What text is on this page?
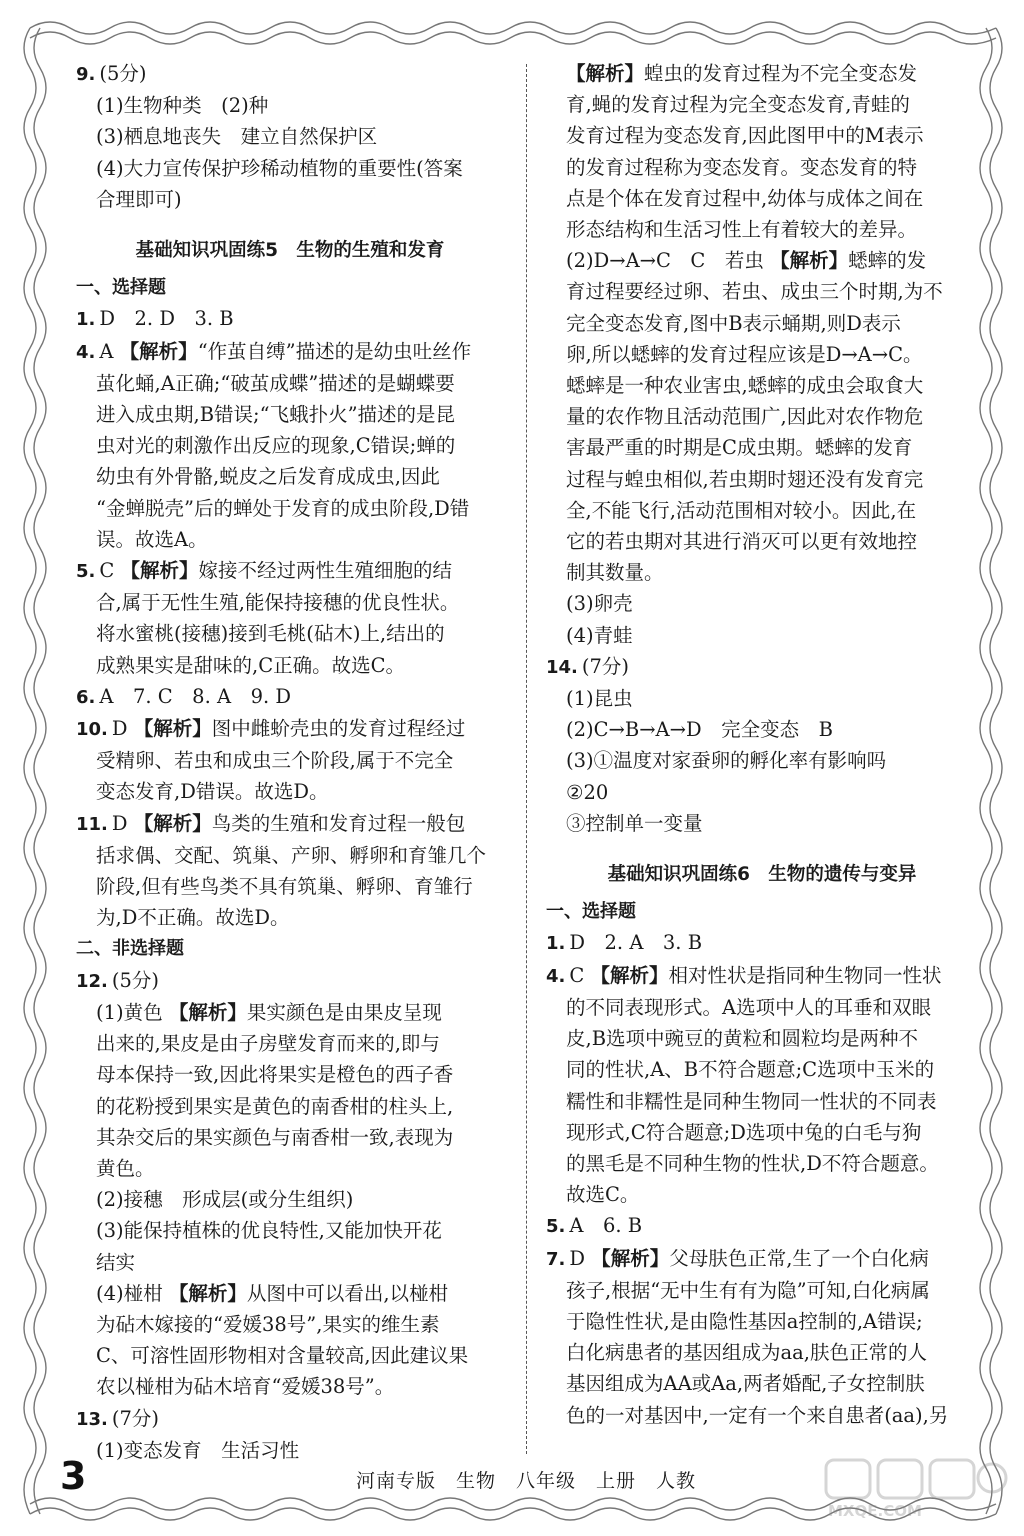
9. (5分)
(1)生物种类　(2)种
(3)栖息地丧失　建立自然保护区
(4)大力宣传保护珍稀动植物的重要性(答案
合理即可)
基础知识巩固练5　生物的生殖和发育
一、选择题
1. D　2. D　3. B
4. A 【解析】“作茧自缚”描述的是幼虫吐丝作
茧化蛹,A正确;“破茧成蝶”描述的是蝴蝶要
进入成虫期,B错误;“飞蛾扑火”描述的是昆
虫对光的刺激作出反应的现象,C错误;蝉的
幼虫有外骨骼,蜕皮之后发育成成虫,因此
“金蝉脱壳”后的蝉处于发育的成虫阶段,D错
误。故选A。
5. C 【解析】嫁接不经过两性生殖细胞的结
合,属于无性生殖,能保持接穗的优良性状。
将水蜜桃(接穗)接到毛桃(砧木)上,结出的
成熟果实是甜味的,C正确。故选C。
6. A　7. C　8. A　9. D
10. D 【解析】图中雌蚧壳虫的发育过程经过
受精卵、若虫和成虫三个阶段,属于不完全
变态发育,D错误。故选D。
11. D 【解析】鸟类的生殖和发育过程一般包
括求偶、交配、筑巢、产卵、孵卵和育雏几个
阶段,但有些鸟类不具有筑巢、孵卵、育雏行
为,D不正确。故选D。
二、非选择题
12. (5分)
(1)黄色 【解析】果实颜色是由果皮呈现
出来的,果皮是由子房壁发育而来的,即与
母本保持一致,因此将果实是橙色的西子香
的花粉授到果实是黄色的南香柑的柱头上,
其杂交后的果实颜色与南香柑一致,表现为
黄色。
(2)接穗　形成层(或分生组织)
(3)能保持植株的优良特性,又能加快开花
结实
(4)椪柑 【解析】从图中可以看出,以椪柑
为砧木嫁接的“爱媛38号”,果实的维生素
C、可溶性固形物相对含量较高,因此建议果
农以椪柑为砧木培育“爱媛38号”。
13. (7分)
(1)变态发育　生活习性
【解析】蝗虫的发育过程为不完全变态发
育,蝇的发育过程为完全变态发育,青蛙的
发育过程为变态发育,因此图甲中的M表示
的发育过程称为变态发育。变态发育的特
点是个体在发育过程中,幼体与成体之间在
形态结构和生活习性上有着较大的差异。
(2)D→A→C　C　若虫 【解析】蟋蟀的发
育过程要经过卵、若虫、成虫三个时期,为不
完全变态发育,图中B表示蛹期,则D表示
卵,所以蟋蟀的发育过程应该是D→A→C。
蟋蟀是一种农业害虫,蟋蟀的成虫会取食大
量的农作物且活动范围广,因此对农作物危
害最严重的时期是C成虫期。蟋蟀的发育
过程与蝗虫相似,若虫期时翅还没有发育完
全,不能飞行,活动范围相对较小。因此,在
它的若虫期对其进行消灭可以更有效地控
制其数量。
(3)卵壳
(4)青蛙
14. (7分)
(1)昆虫
(2)C→B→A→D　完全变态　B
(3)①温度对家蚕卵的孵化率有影响吗
②20
③控制单一变量
基础知识巩固练6　生物的遗传与变异
一、选择题
1. D　2. A　3. B
4. C 【解析】相对性状是指同种生物同一性状
的不同表现形式。A选项中人的耳垂和双眼
皮,B选项中豌豆的黄粒和圆粒均是两种不
同的性状,A、B不符合题意;C选项中玉米的
糯性和非糯性是同种生物同一性状的不同表
现形式,C符合题意;D选项中兔的白毛与狗
的黑毛是不同种生物的性状,D不符合题意。
故选C。
5. A　6. B
7. D 【解析】父母肤色正常,生了一个白化病
孩子,根据“无中生有有为隐”可知,白化病属
于隐性性状,是由隐性基因a控制的,A错误;
白化病患者的基因组成为aa,肤色正常的人
基因组成为AA或Aa,两者婚配,子女控制肤
色的一对基因中,一定有一个来自患者(aa),另
3	河南专版　生物　八年级　上册　人教
MXQE.COM
